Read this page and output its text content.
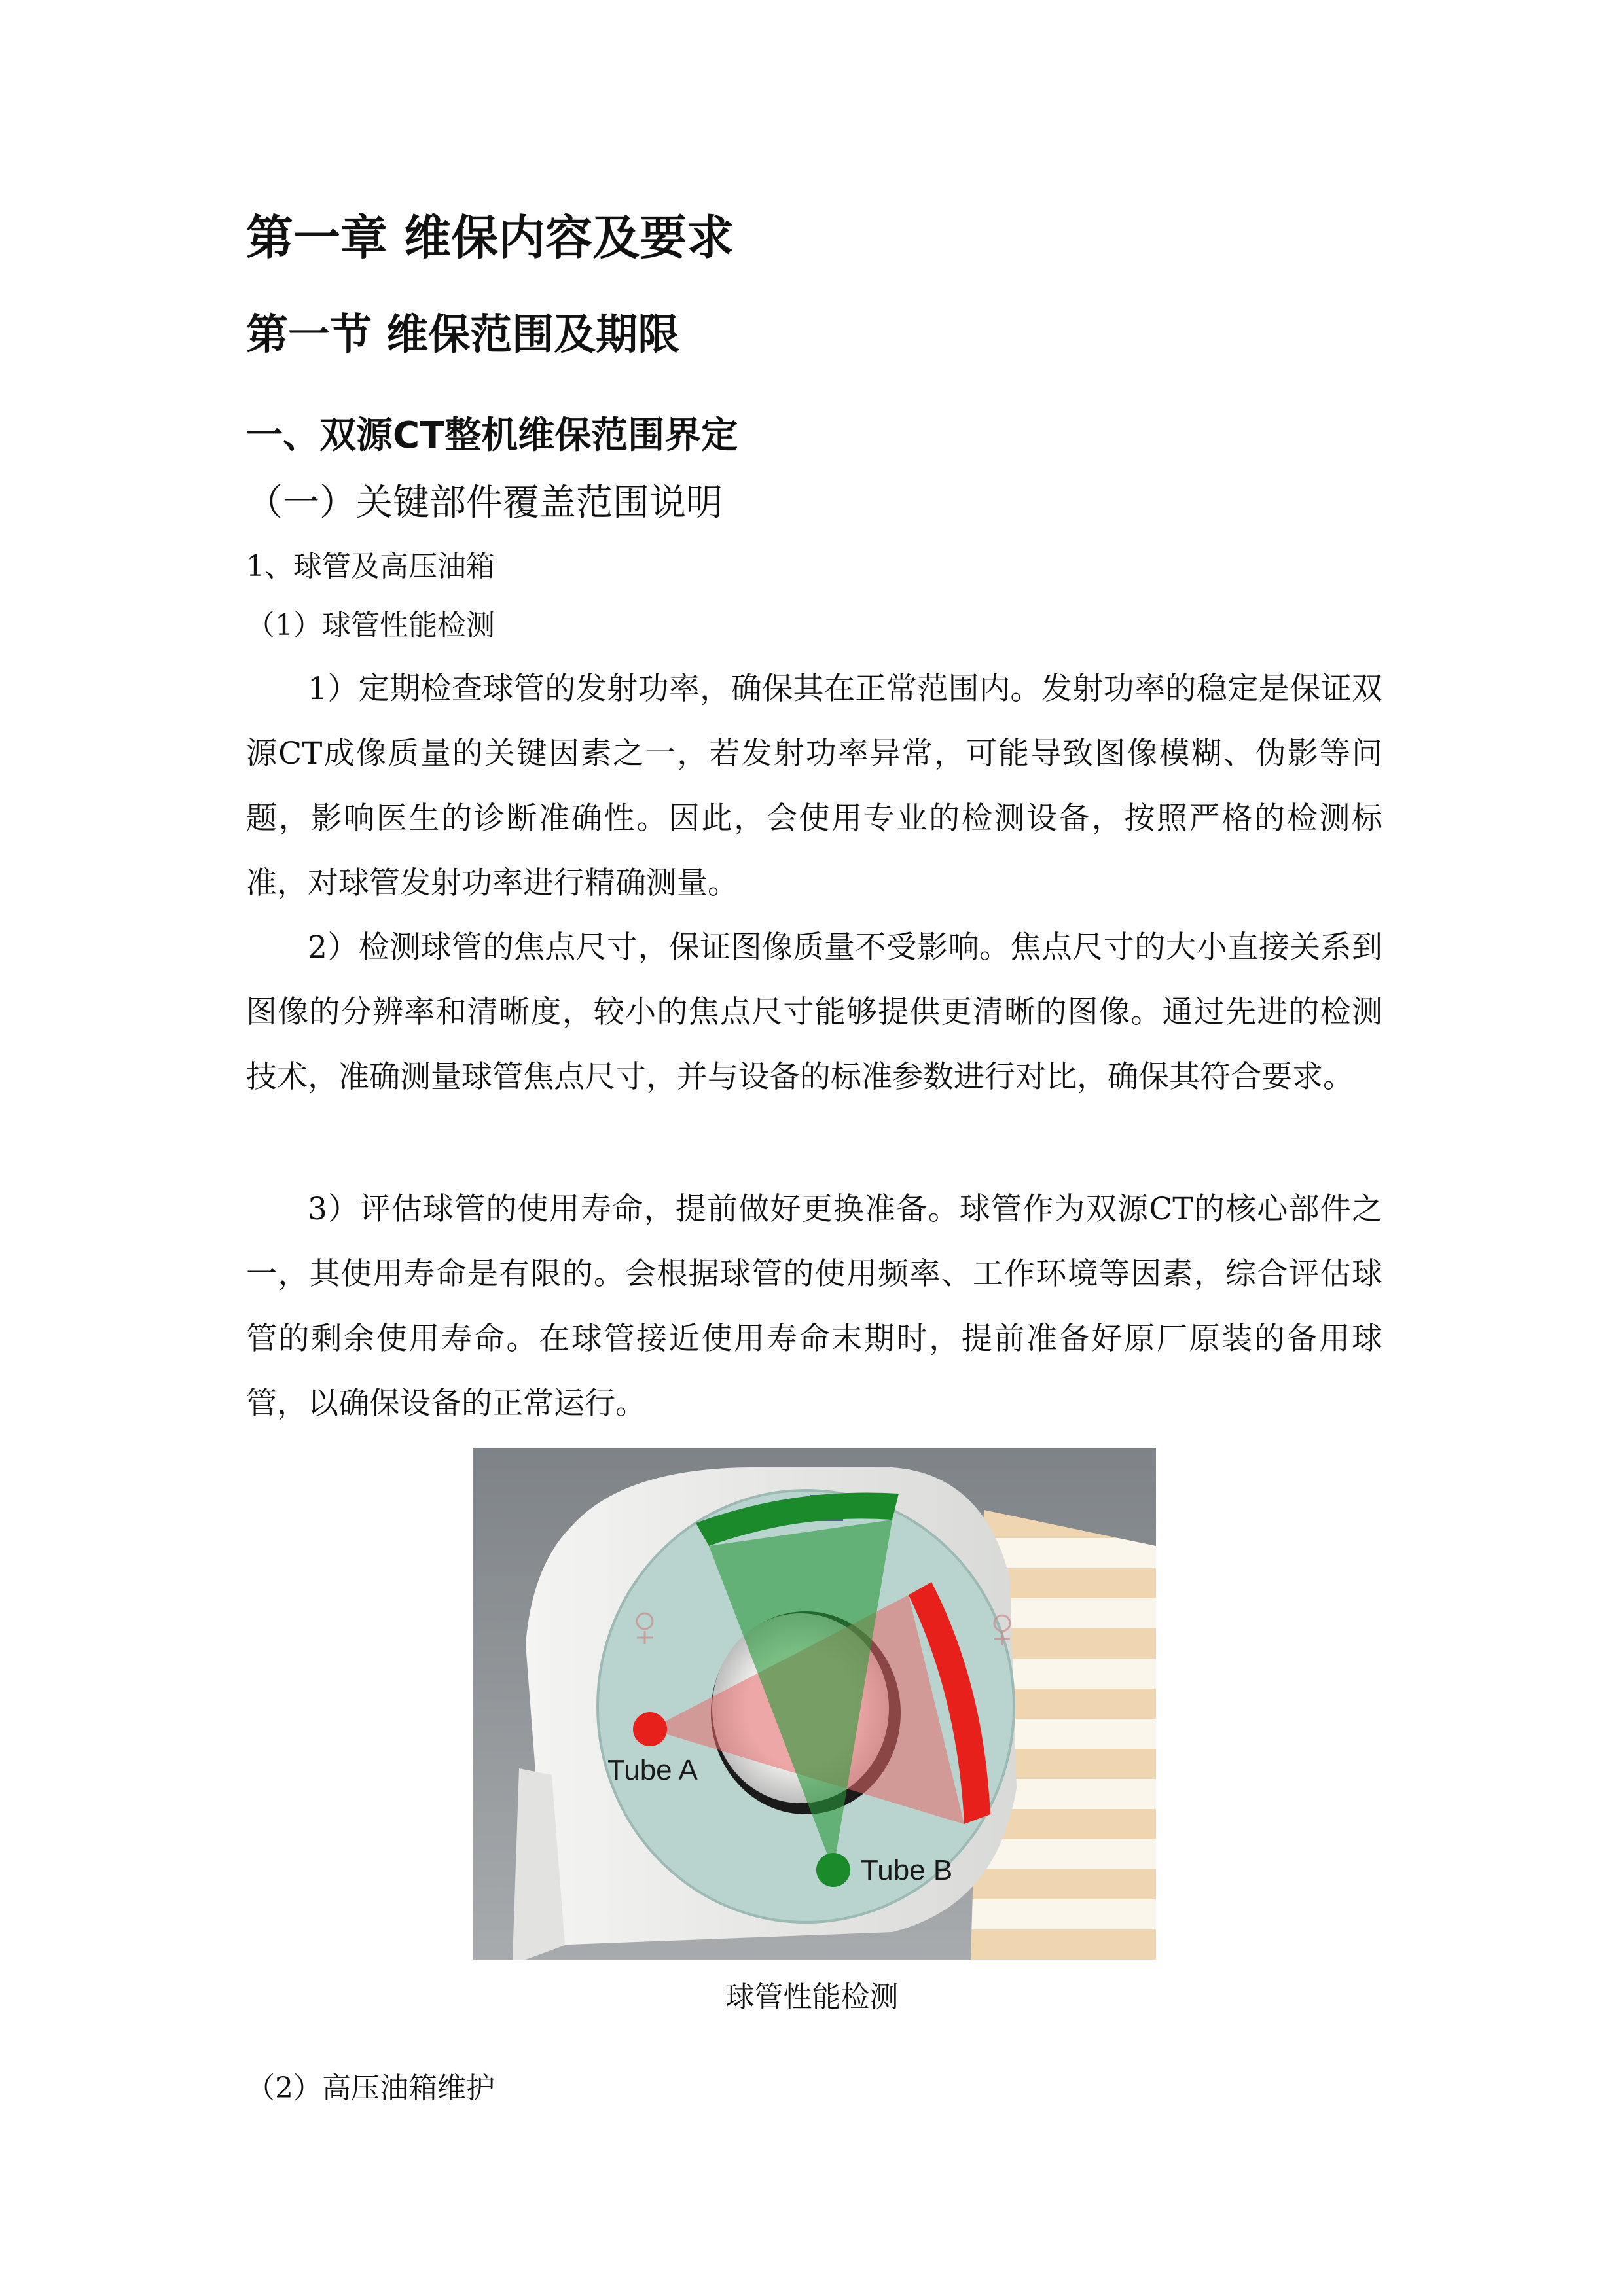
第一章 维保内容及要求
第一节 维保范围及期限
一、双源CT整机维保范围界定
（一）关键部件覆盖范围说明
1、球管及高压油箱
（1）球管性能检测

1）定期检查球管的发射功率，确保其在正常范围内。发射功率的稳定是保证双源CT成像质量的关键因素之一，若发射功率异常，可能导致图像模糊、伪影等问题，影响医生的诊断准确性。因此，会使用专业的检测设备，按照严格的检测标准，对球管发射功率进行精确测量。

2）检测球管的焦点尺寸，保证图像质量不受影响。焦点尺寸的大小直接关系到图像的分辨率和清晰度，较小的焦点尺寸能够提供更清晰的图像。通过先进的检测技术，准确测量球管焦点尺寸，并与设备的标准参数进行对比，确保其符合要求。

3）评估球管的使用寿命，提前做好更换准备。球管作为双源CT的核心部件之一，其使用寿命是有限的。会根据球管的使用频率、工作环境等因素，综合评估球管的剩余使用寿命。在球管接近使用寿命末期时，提前准备好原厂原装的备用球管，以确保设备的正常运行。

Tube A
Tube B
球管性能检测
（2）高压油箱维护
